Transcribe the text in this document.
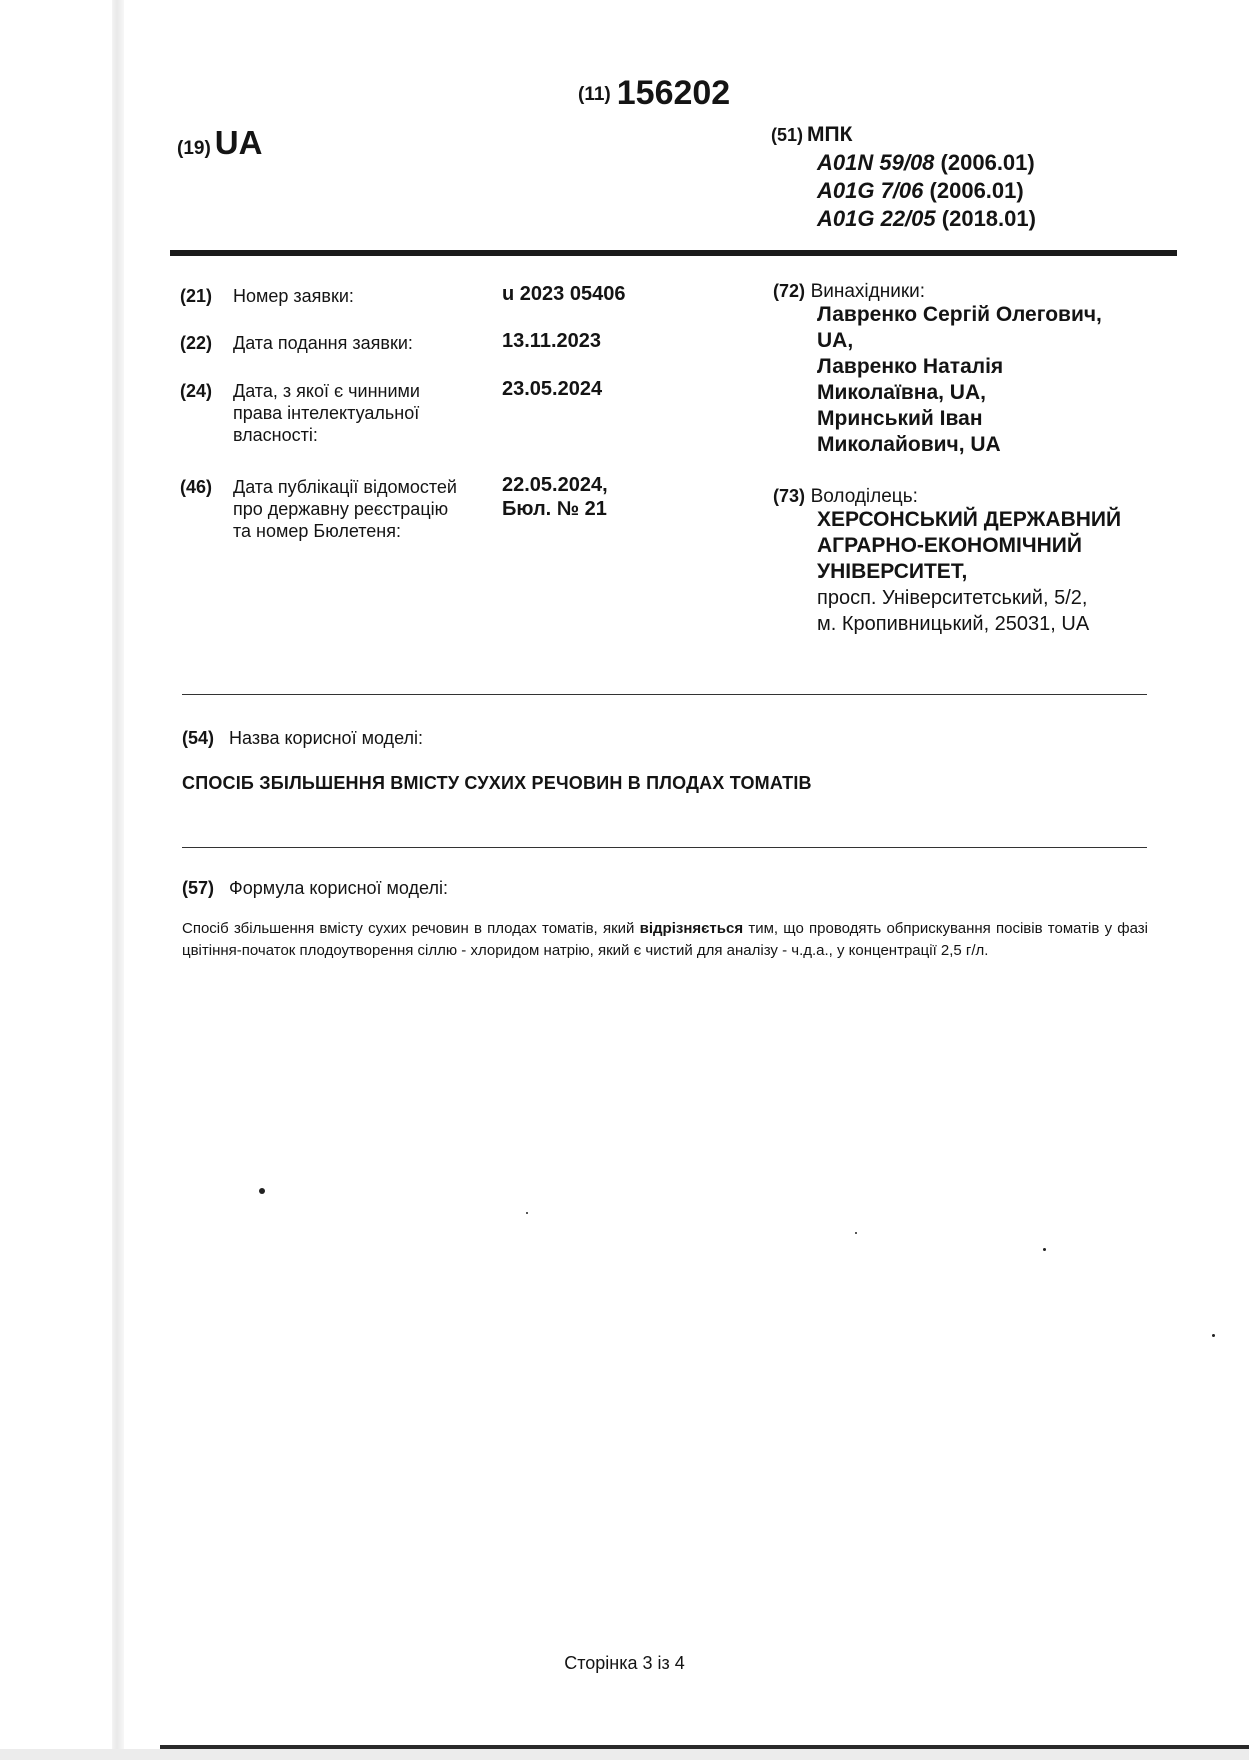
(11) 156202
(19) UA	(51) МПК
A01N 59/08 (2006.01)
A01G 7/06 (2006.01)
A01G 22/05 (2018.01)
(21) Номер заявки:	u 2023 05406
(22) Дата подання заявки:	13.11.2023
(24) Дата, з якої є чинними
права інтелектуальної
власності:
23.05.2024
(46) Дата публікації відомостей
про державну реєстрацію
та номер Бюлетеня:
22.05.2024,
Бюл. № 21
(72) Винахідники:
Лавренко Сергій Олегович,
UA,
Лавренко Наталія
Миколаївна, UA,
Мринський Іван
Миколайович, UA
(73) Володілець:
ХЕРСОНСЬКИЙ ДЕРЖАВНИЙ
АГРАРНО-ЕКОНОМІЧНИЙ
УНІВЕРСИТЕТ,
просп. Університетський, 5/2,
м. Кропивницький, 25031, UA
(54) Назва корисної моделі:
СПОСІБ ЗБІЛЬШЕННЯ ВМІСТУ СУХИХ РЕЧОВИН В ПЛОДАХ ТОМАТІВ
(57) Формула корисної моделі:
Спосіб збільшення вмісту сухих речовин в плодах томатів, який відрізняється тим, що проводять обприскування посівів томатів у фазі цвітіння-початок плодоутворення сіллю - хлоридом натрію, який є чистий для аналізу - ч.д.а., у концентрації 2,5 г/л.
Сторінка 3 із 4
